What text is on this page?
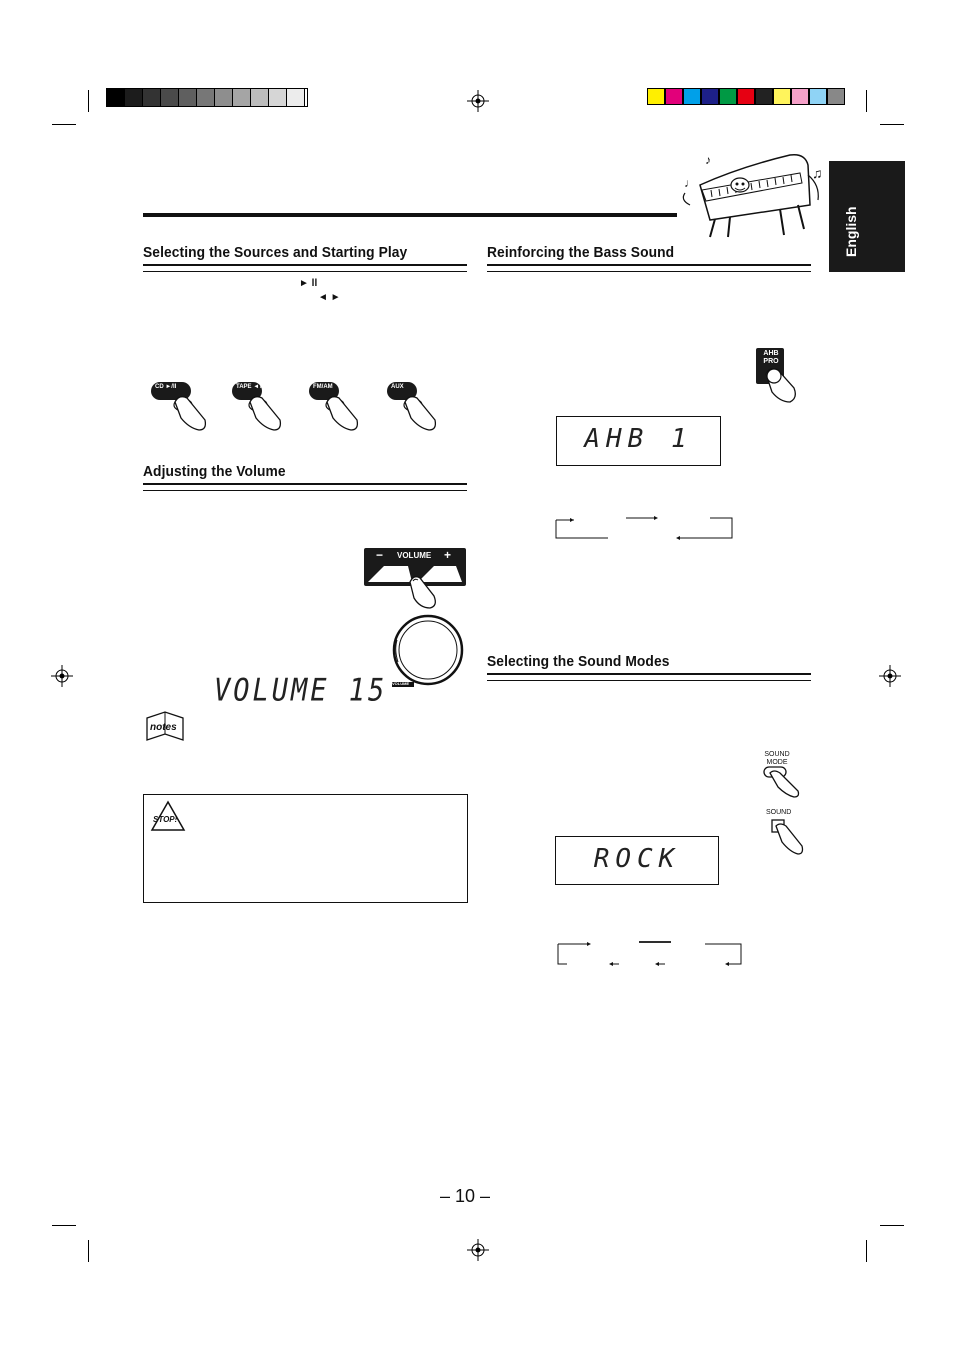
♩
♪
♫
English
Selecting the Sources and Starting Play
► ll
◄ ►
CD ►/II	TAPE ◄►	FM/AM	AUX
Adjusting the Volume
− VOLUME +
VOLUME
VOLUME 15
notes
STOP!
Reinforcing the Bass Sound
AHB PRO
AHB 1
Selecting the Sound Modes
SOUND MODE
SOUND
ROCK
– 10 –
